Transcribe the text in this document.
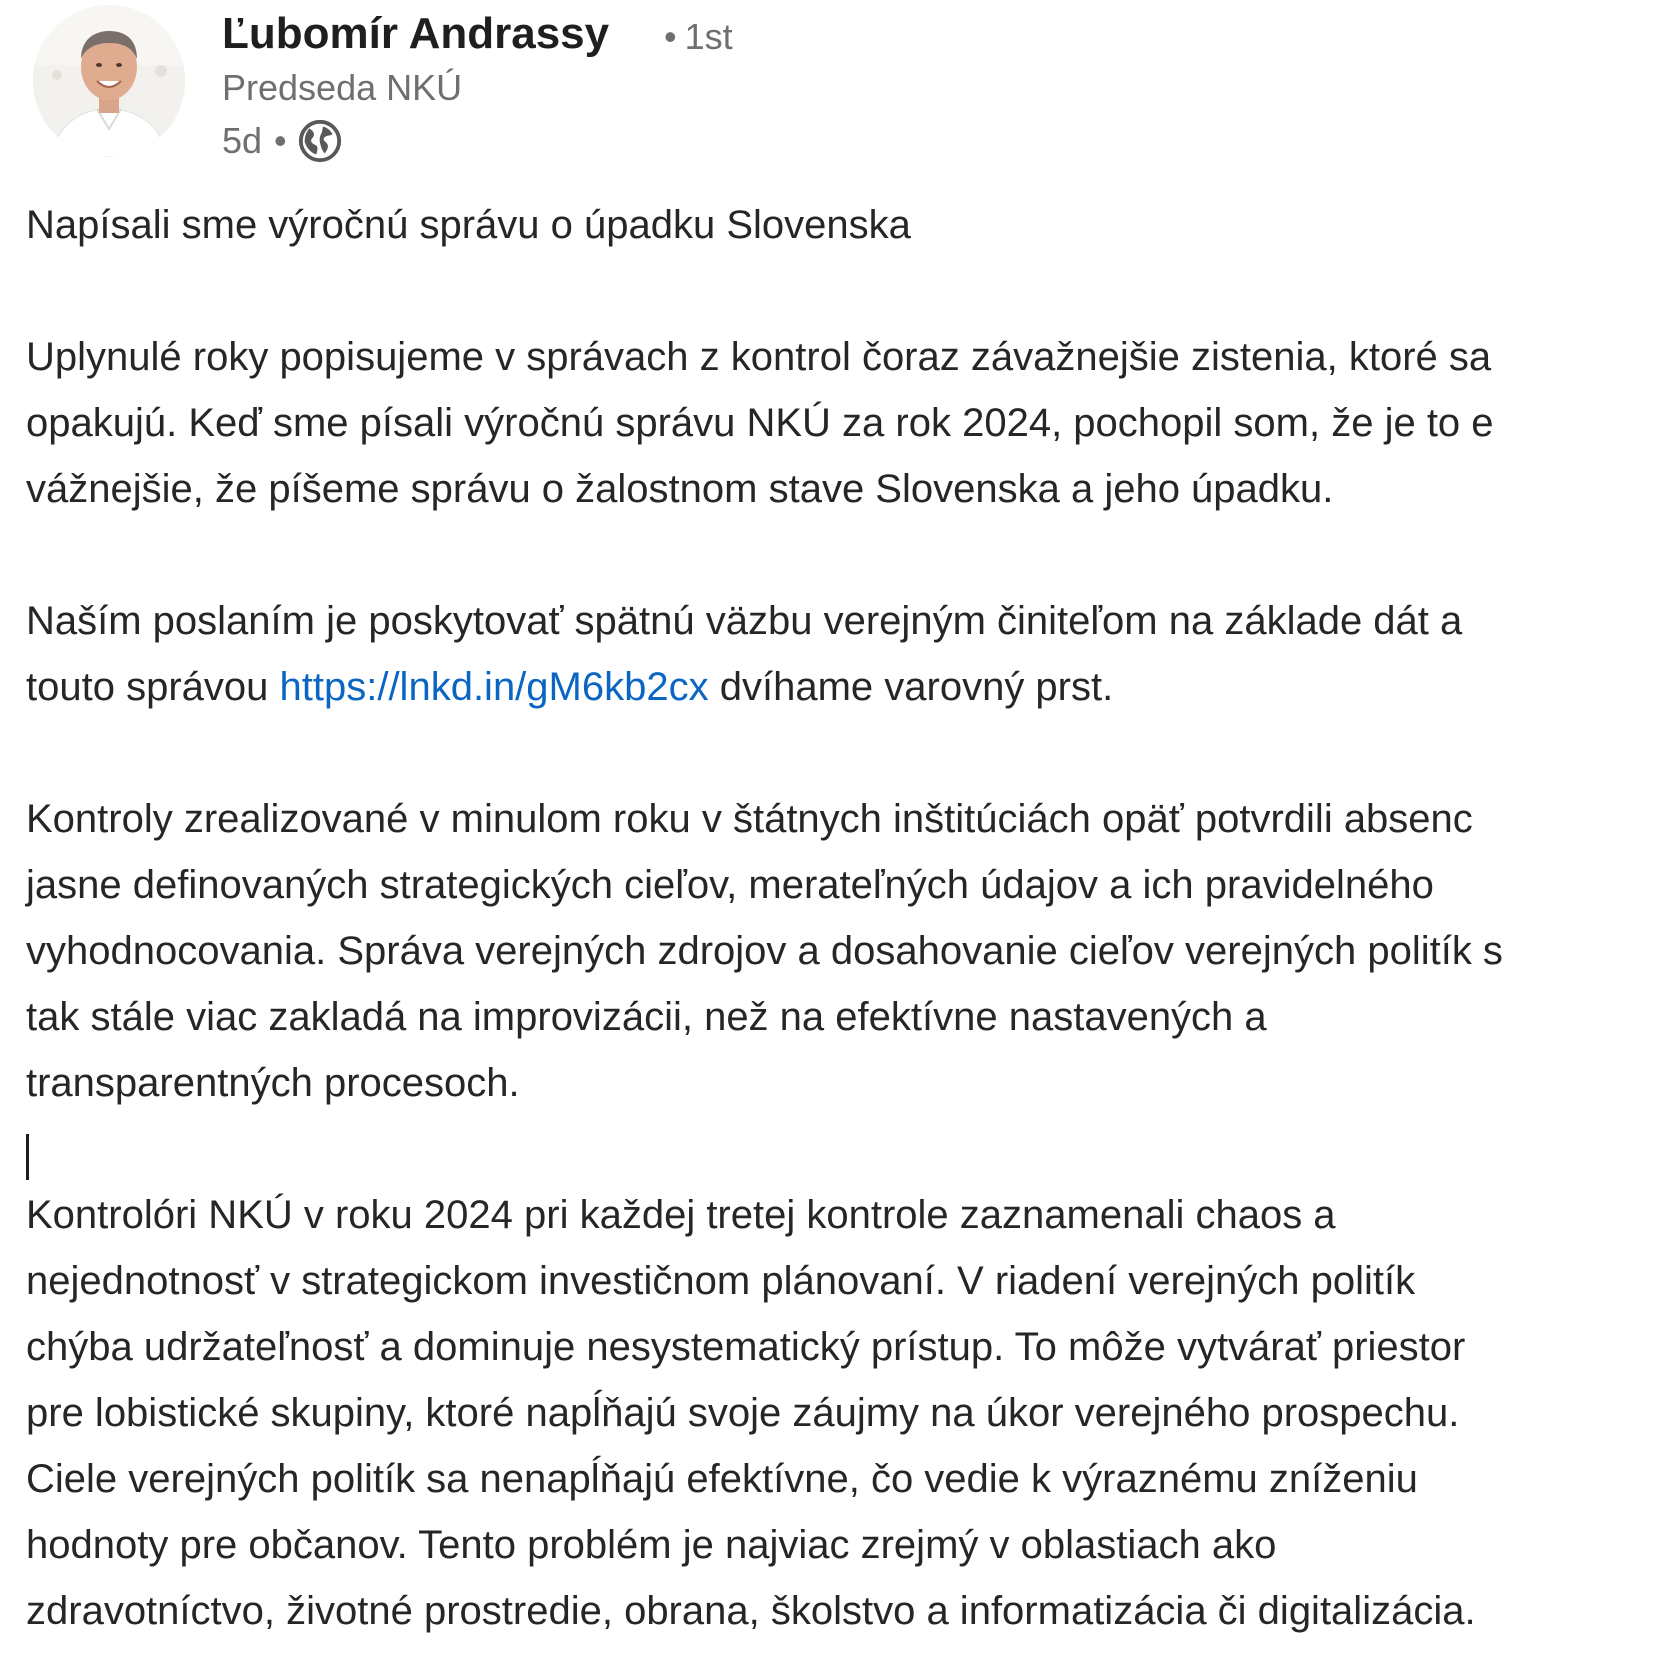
Ľubomír Andrassy • 1st
Predseda NKÚ
5d •
Napísali sme výročnú správu o úpadku Slovenska
Uplynulé roky popisujeme v správach z kontrol čoraz závažnejšie zistenia, ktoré sa
opakujú. Keď sme písali výročnú správu NKÚ za rok 2024, pochopil som, že je to e
vážnejšie, že píšeme správu o žalostnom stave Slovenska a jeho úpadku.
Naším poslaním je poskytovať spätnú väzbu verejným činiteľom na základe dát a
touto správou https://lnkd.in/gM6kb2cx dvíhame varovný prst.
Kontroly zrealizované v minulom roku v štátnych inštitúciách opäť potvrdili absenc
jasne definovaných strategických cieľov, merateľných údajov a ich pravidelného
vyhodnocovania. Správa verejných zdrojov a dosahovanie cieľov verejných politík s
tak stále viac zakladá na improvizácii, než na efektívne nastavených a
transparentných procesoch.
Kontrolóri NKÚ v roku 2024 pri každej tretej kontrole zaznamenali chaos a
nejednotnosť v strategickom investičnom plánovaní. V riadení verejných politík
chýba udržateľnosť a dominuje nesystematický prístup. To môže vytvárať priestor
pre lobistické skupiny, ktoré napĺňajú svoje záujmy na úkor verejného prospechu.
Ciele verejných politík sa nenapĺňajú efektívne, čo vedie k výraznému zníženiu
hodnoty pre občanov. Tento problém je najviac zrejmý v oblastiach ako
zdravotníctvo, životné prostredie, obrana, školstvo a informatizácia či digitalizácia.
